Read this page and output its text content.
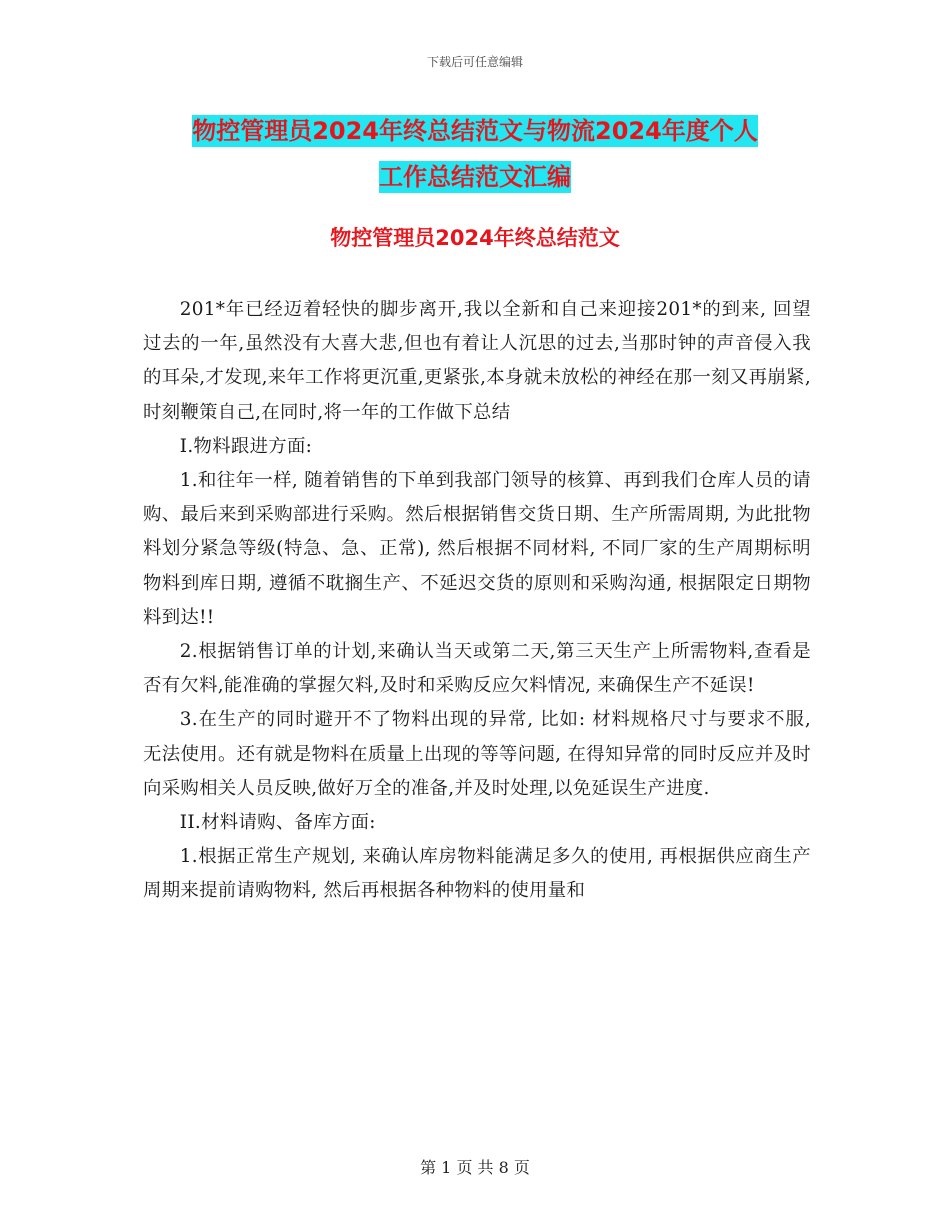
下载后可任意编辑
物控管理员2024年终总结范文与物流2024年度个人
工作总结范文汇编
物控管理员2024年终总结范文

201*年已经迈着轻快的脚步离开,我以全新和自己来迎接201*的到来, 回望过去的一年,虽然没有大喜大悲,但也有着让人沉思的过去,当那时钟的声音侵入我的耳朵,才发现,来年工作将更沉重,更紧张,本身就未放松的神经在那一刻又再崩紧,时刻鞭策自己,在同时,将一年的工作做下总结

I.物料跟进方面:

1.和往年一样, 随着销售的下单到我部门领导的核算、再到我们仓库人员的请购、最后来到采购部进行采购。然后根据销售交货日期、生产所需周期, 为此批物料划分紧急等级(特急、急、正常), 然后根据不同材料, 不同厂家的生产周期标明物料到库日期, 遵循不耽搁生产、不延迟交货的原则和采购沟通, 根据限定日期物料到达!!

2.根据销售订单的计划,来确认当天或第二天,第三天生产上所需物料,查看是否有欠料,能准确的掌握欠料,及时和采购反应欠料情况, 来确保生产不延误!

3.在生产的同时避开不了物料出现的异常, 比如: 材料规格尺寸与要求不服, 无法使用。还有就是物料在质量上出现的等等问题, 在得知异常的同时反应并及时向采购相关人员反映,做好万全的准备,并及时处理,以免延误生产进度.

II.材料请购、备库方面:

1.根据正常生产规划, 来确认库房物料能满足多久的使用, 再根据供应商生产周期来提前请购物料, 然后再根据各种物料的使用量和

第 1 页 共 8 页
